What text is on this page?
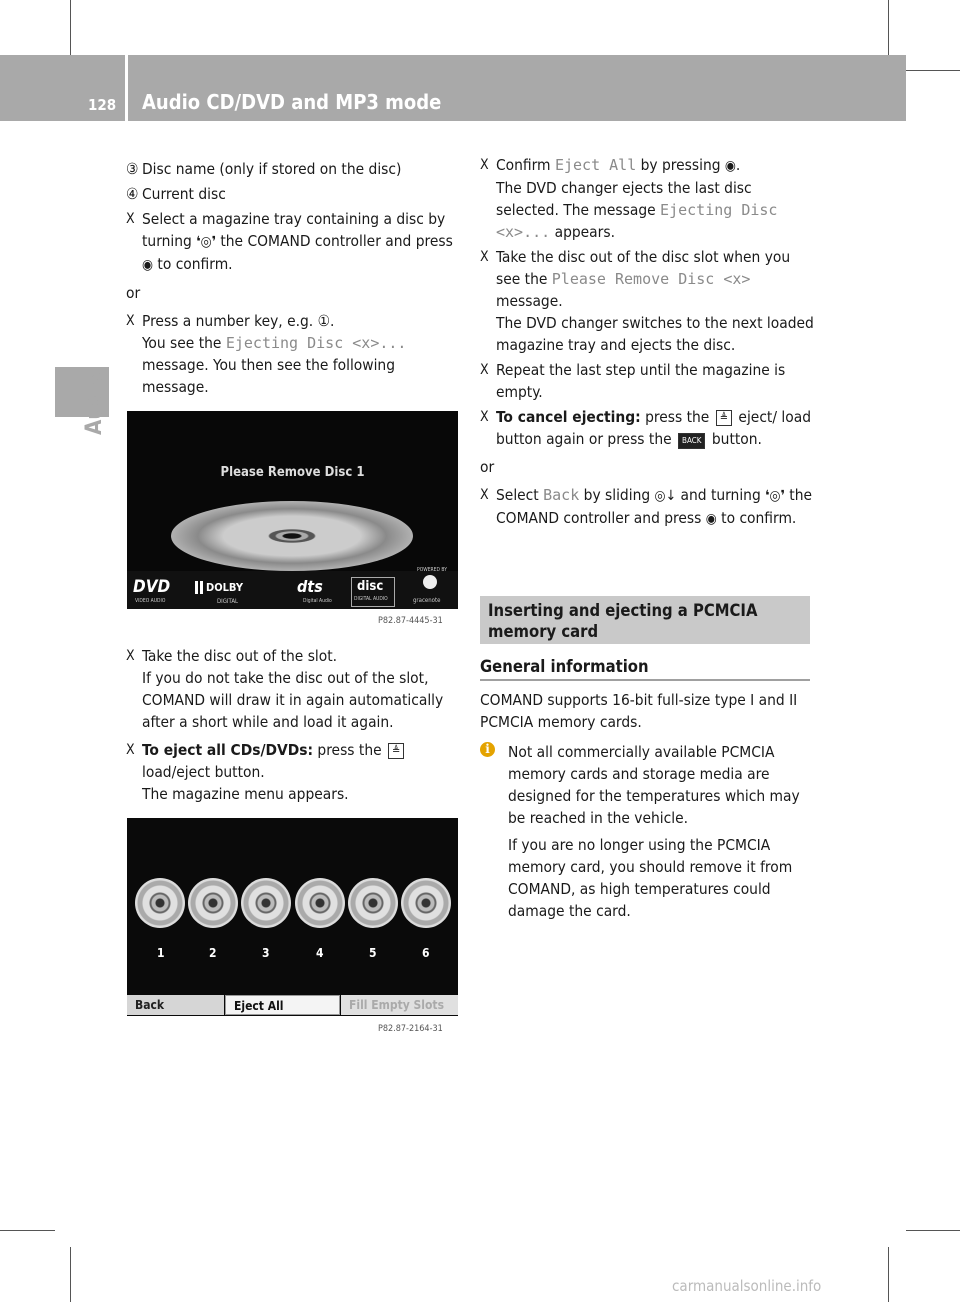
128 Audio CD/DVD and MP3 mode
Audio
③ Disc name (only if stored on the disc)
④ Current disc
X Select a magazine tray containing a disc by turning ❛◎❜ the COMAND controller and press ◉ to confirm.
or
X Press a number key, e.g. ①.
You see the Ejecting Disc <x>... message. You then see the following message.
Please Remove Disc 1
DVD
VIDEO AUDIO
DOLBY
DIGITAL
dts
Digital Audio
disc
DIGITAL AUDIO
POWERED BY
gracenote
P82.87-4445-31
X Take the disc out of the slot.
If you do not take the disc out of the slot, COMAND will draw it in again automatically after a short while and load it again.
X To eject all CDs/DVDs: press the ≜ load/eject button.
The magazine menu appears.
1	2	3	4	5	6
Back	Eject All	Fill Empty Slots
P82.87-2164-31
X Confirm Eject All by pressing ◉.
The DVD changer ejects the last disc selected. The message Ejecting Disc <x>... appears.
X Take the disc out of the disc slot when you see the Please Remove Disc <x> message.
The DVD changer switches to the next loaded magazine tray and ejects the disc.
X Repeat the last step until the magazine is empty.
X To cancel ejecting: press the ≜ eject/ load button again or press the BACK button.
or
X Select Back by sliding ◎↓ and turning ❛◎❜ the COMAND controller and press ◉ to confirm.
Inserting and ejecting a PCMCIA memory card
General information
COMAND supports 16-bit full-size type I and II PCMCIA memory cards.
i	Not all commercially available PCMCIA memory cards and storage media are designed for the temperatures which may be reached in the vehicle.
If you are no longer using the PCMCIA memory card, you should remove it from COMAND, as high temperatures could damage the card.
carmanualsonline.info
